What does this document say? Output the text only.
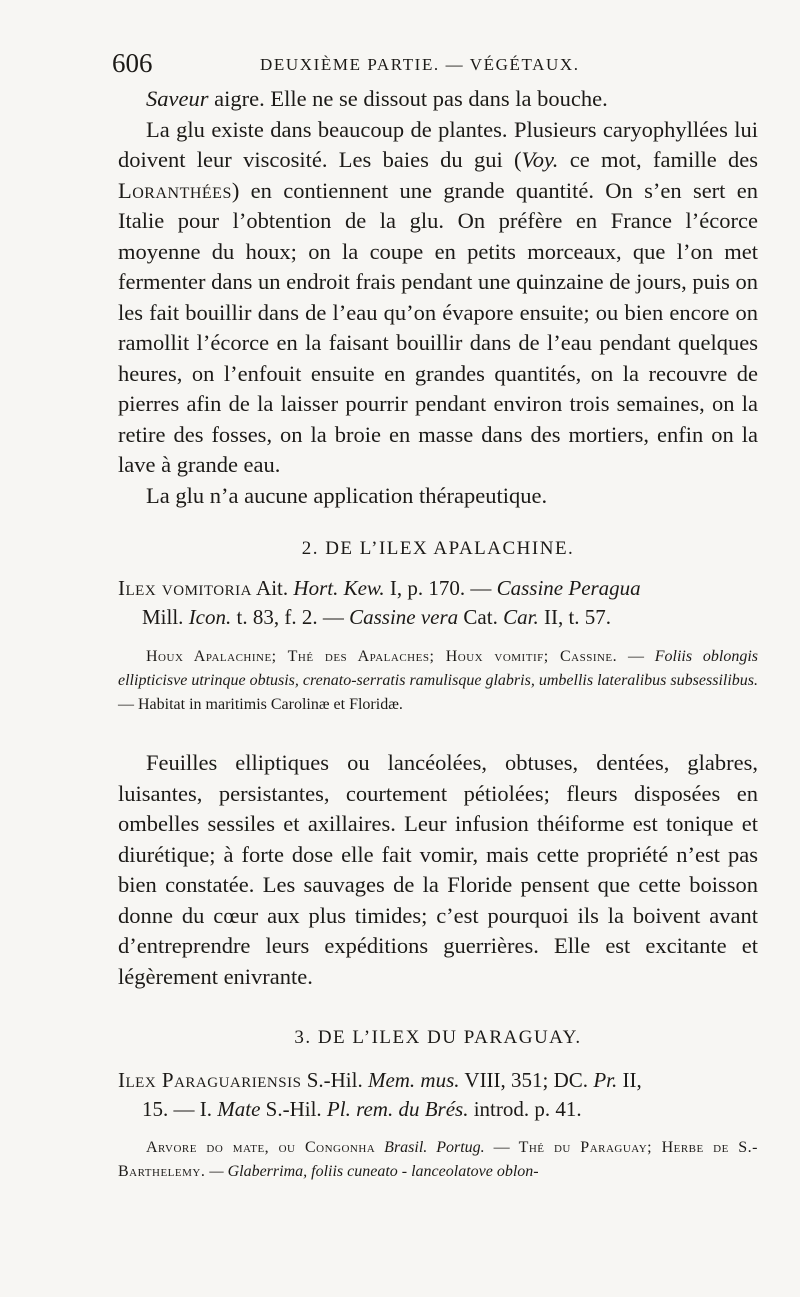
606	DEUXIÈME PARTIE. — VÉGÉTAUX.

Saveur aigre. Elle ne se dissout pas dans la bouche.

La glu existe dans beaucoup de plantes. Plusieurs caryophyllées lui doivent leur viscosité. Les baies du gui (Voy. ce mot, famille des Loranthées) en contiennent une grande quantité. On s’en sert en Italie pour l’obtention de la glu. On préfère en France l’écorce moyenne du houx; on la coupe en petits morceaux, que l’on met fermenter dans un endroit frais pendant une quinzaine de jours, puis on les fait bouillir dans de l’eau qu’on évapore ensuite; ou bien encore on ramollit l’écorce en la faisant bouillir dans de l’eau pendant quelques heures, on l’enfouit ensuite en grandes quantités, on la recouvre de pierres afin de la laisser pourrir pendant environ trois semaines, on la retire des fosses, on la broie en masse dans des mortiers, enfin on la lave à grande eau.

La glu n’a aucune application thérapeutique.

2. DE L’ILEX APALACHINE.
Ilex vomitoria Ait. Hort. Kew. I, p. 170. — Cassine Peragua
Mill. Icon. t. 83, f. 2. — Cassine vera Cat. Car. II, t. 57.

Houx Apalachine; Thé des Apalaches; Houx vomitif; Cassine. — Foliis oblongis ellipticisve utrinque obtusis, crenato-serratis ramulisque glabris, umbellis lateralibus subsessilibus. — Habitat in maritimis Carolinæ et Floridæ.

Feuilles elliptiques ou lancéolées, obtuses, dentées, glabres, luisantes, persistantes, courtement pétiolées; fleurs disposées en ombelles sessiles et axillaires. Leur infusion théiforme est tonique et diurétique; à forte dose elle fait vomir, mais cette propriété n’est pas bien constatée. Les sauvages de la Floride pensent que cette boisson donne du cœur aux plus timides; c’est pourquoi ils la boivent avant d’entreprendre leurs expéditions guerrières. Elle est excitante et légèrement enivrante.

3. DE L’ILEX DU PARAGUAY.
Ilex Paraguariensis S.-Hil. Mem. mus. VIII, 351; DC. Pr. II,
15. — I. Mate S.-Hil. Pl. rem. du Brés. introd. p. 41.

Arvore do mate, ou Congonha Brasil. Portug. — Thé du Paraguay; Herbe de S.-Barthelemy. — Glaberrima, foliis cuneato - lanceolatove oblon-
